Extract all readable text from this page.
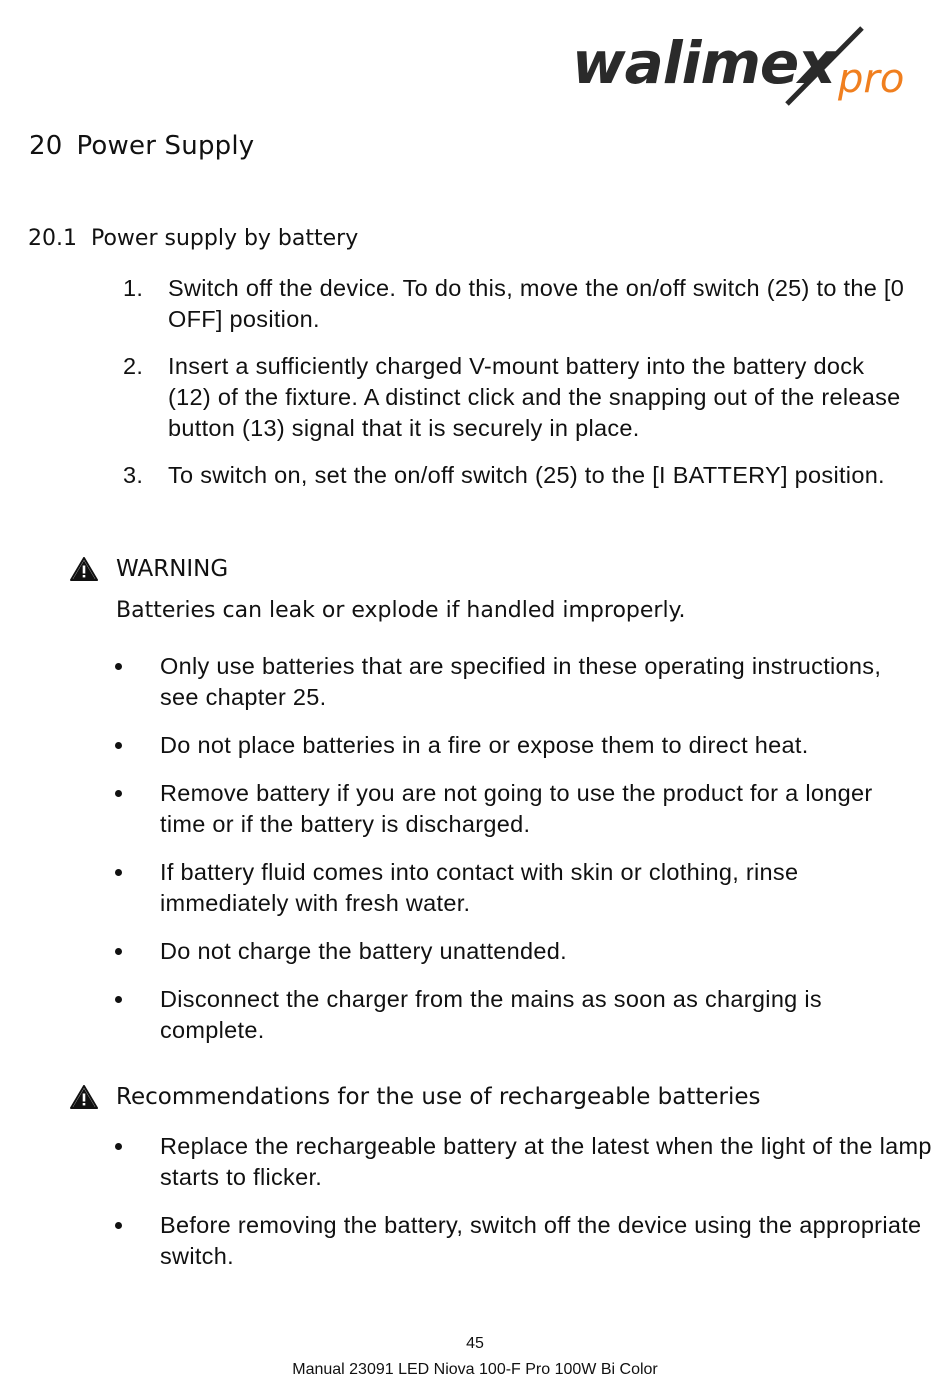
walimex pro
20 Power Supply
20.1 Power supply by battery
1. Switch off the device. To do this, move the on/off switch (25) to the [0 OFF] position.
2. Insert a sufficiently charged V-mount battery into the battery dock (12) of the fixture. A distinct click and the snapping out of the release button (13) signal that it is securely in place.
3. To switch on, set the on/off switch (25) to the [I BATTERY] position.
WARNING
Batteries can leak or explode if handled improperly.
Only use batteries that are specified in these operating instructions, see chapter 25.
Do not place batteries in a fire or expose them to direct heat.
Remove battery if you are not going to use the product for a longer time or if the battery is discharged.
If battery fluid comes into contact with skin or clothing, rinse immediately with fresh water.
Do not charge the battery unattended.
Disconnect the charger from the mains as soon as charging is complete.
Recommendations for the use of rechargeable batteries
Replace the rechargeable battery at the latest when the light of the lamp starts to flicker.
Before removing the battery, switch off the device using the appropriate switch.
45
Manual 23091 LED Niova 100-F Pro 100W Bi Color
